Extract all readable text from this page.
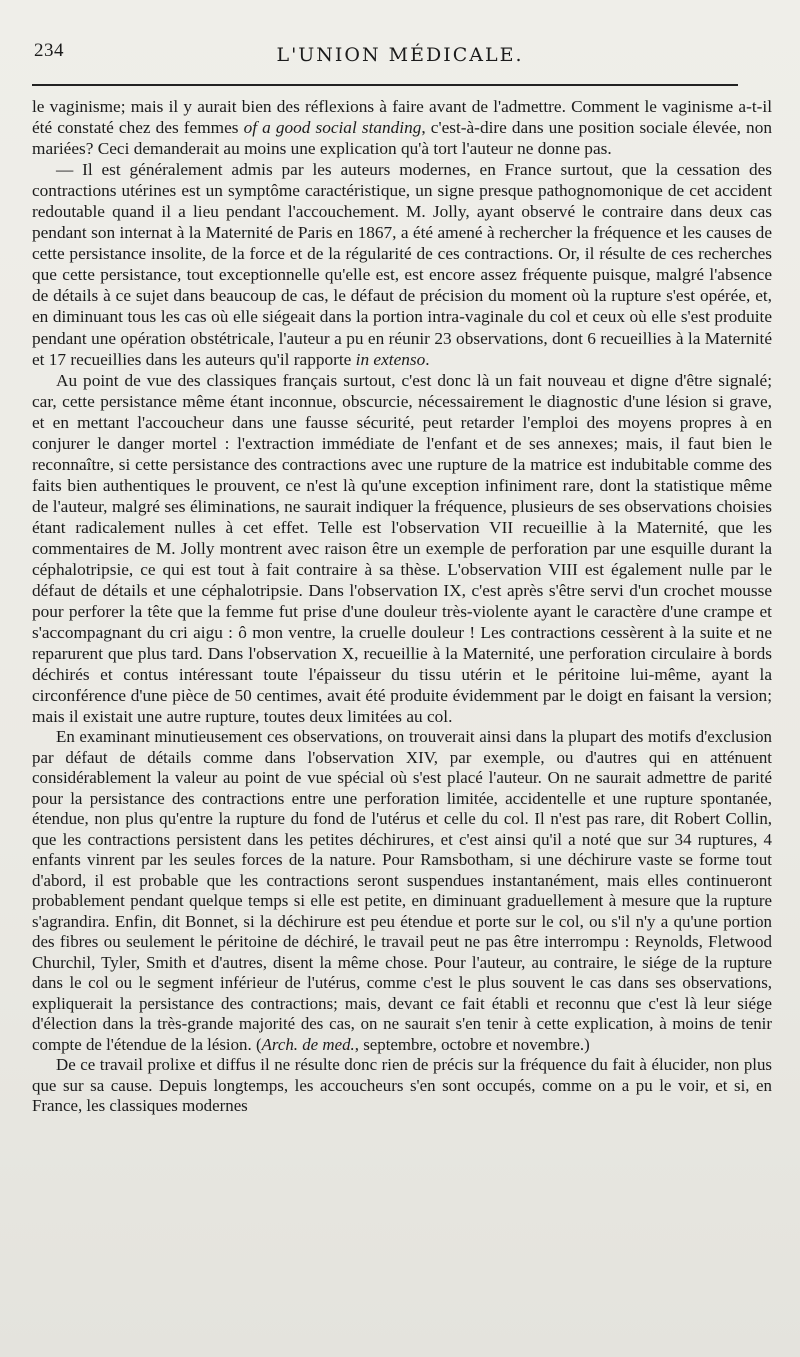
234	L'UNION MÉDICALE.

le vaginisme; mais il y aurait bien des réflexions à faire avant de l'admettre. Comment le vaginisme a-t-il été constaté chez des femmes of a good social standing, c'est-à-dire dans une position sociale élevée, non mariées? Ceci demanderait au moins une explication qu'à tort l'auteur ne donne pas.

— Il est généralement admis par les auteurs modernes, en France surtout, que la cessation des contractions utérines est un symptôme caractéristique, un signe presque pathognomonique de cet accident redoutable quand il a lieu pendant l'accouchement. M. Jolly, ayant observé le contraire dans deux cas pendant son internat à la Maternité de Paris en 1867, a été amené à rechercher la fréquence et les causes de cette persistance insolite, de la force et de la régularité de ces contractions. Or, il résulte de ces recherches que cette persistance, tout exceptionnelle qu'elle est, est encore assez fréquente puisque, malgré l'absence de détails à ce sujet dans beaucoup de cas, le défaut de précision du moment où la rupture s'est opérée, et, en diminuant tous les cas où elle siégeait dans la portion intra-vaginale du col et ceux où elle s'est produite pendant une opération obstétricale, l'auteur a pu en réunir 23 observations, dont 6 recueillies à la Maternité et 17 recueillies dans les auteurs qu'il rapporte in extenso.

Au point de vue des classiques français surtout, c'est donc là un fait nouveau et digne d'être signalé; car, cette persistance même étant inconnue, obscurcie, nécessairement le diagnostic d'une lésion si grave, et en mettant l'accoucheur dans une fausse sécurité, peut retarder l'emploi des moyens propres à en conjurer le danger mortel : l'extraction immédiate de l'enfant et de ses annexes; mais, il faut bien le reconnaître, si cette persistance des contractions avec une rupture de la matrice est indubitable comme des faits bien authentiques le prouvent, ce n'est là qu'une exception infiniment rare, dont la statistique même de l'auteur, malgré ses éliminations, ne saurait indiquer la fréquence, plusieurs de ses observations choisies étant radicalement nulles à cet effet. Telle est l'observation VII recueillie à la Maternité, que les commentaires de M. Jolly montrent avec raison être un exemple de perforation par une esquille durant la céphalotripsie, ce qui est tout à fait contraire à sa thèse. L'observation VIII est également nulle par le défaut de détails et une céphalotripsie. Dans l'observation IX, c'est après s'être servi d'un crochet mousse pour perforer la tête que la femme fut prise d'une douleur très-violente ayant le caractère d'une crampe et s'accompagnant du cri aigu : ô mon ventre, la cruelle douleur ! Les contractions cessèrent à la suite et ne reparurent que plus tard. Dans l'observation X, recueillie à la Maternité, une perforation circulaire à bords déchirés et contus intéressant toute l'épaisseur du tissu utérin et le péritoine lui-même, ayant la circonférence d'une pièce de 50 centimes, avait été produite évidemment par le doigt en faisant la version; mais il existait une autre rupture, toutes deux limitées au col.

En examinant minutieusement ces observations, on trouverait ainsi dans la plupart des motifs d'exclusion par défaut de détails comme dans l'observation XIV, par exemple, ou d'autres qui en atténuent considérablement la valeur au point de vue spécial où s'est placé l'auteur. On ne saurait admettre de parité pour la persistance des contractions entre une perforation limitée, accidentelle et une rupture spontanée, étendue, non plus qu'entre la rupture du fond de l'utérus et celle du col. Il n'est pas rare, dit Robert Collin, que les contractions persistent dans les petites déchirures, et c'est ainsi qu'il a noté que sur 34 ruptures, 4 enfants vinrent par les seules forces de la nature. Pour Ramsbotham, si une déchirure vaste se forme tout d'abord, il est probable que les contractions seront suspendues instantanément, mais elles continueront probablement pendant quelque temps si elle est petite, en diminuant graduellement à mesure que la rupture s'agrandira. Enfin, dit Bonnet, si la déchirure est peu étendue et porte sur le col, ou s'il n'y a qu'une portion des fibres ou seulement le péritoine de déchiré, le travail peut ne pas être interrompu : Reynolds, Fletwood Churchil, Tyler, Smith et d'autres, disent la même chose. Pour l'auteur, au contraire, le siége de la rupture dans le col ou le segment inférieur de l'utérus, comme c'est le plus souvent le cas dans ses observations, expliquerait la persistance des contractions; mais, devant ce fait établi et reconnu que c'est là leur siége d'élection dans la très-grande majorité des cas, on ne saurait s'en tenir à cette explication, à moins de tenir compte de l'étendue de la lésion. (Arch. de med., septembre, octobre et novembre.)

De ce travail prolixe et diffus il ne résulte donc rien de précis sur la fréquence du fait à élucider, non plus que sur sa cause. Depuis longtemps, les accoucheurs s'en sont occupés, comme on a pu le voir, et si, en France, les classiques modernes
